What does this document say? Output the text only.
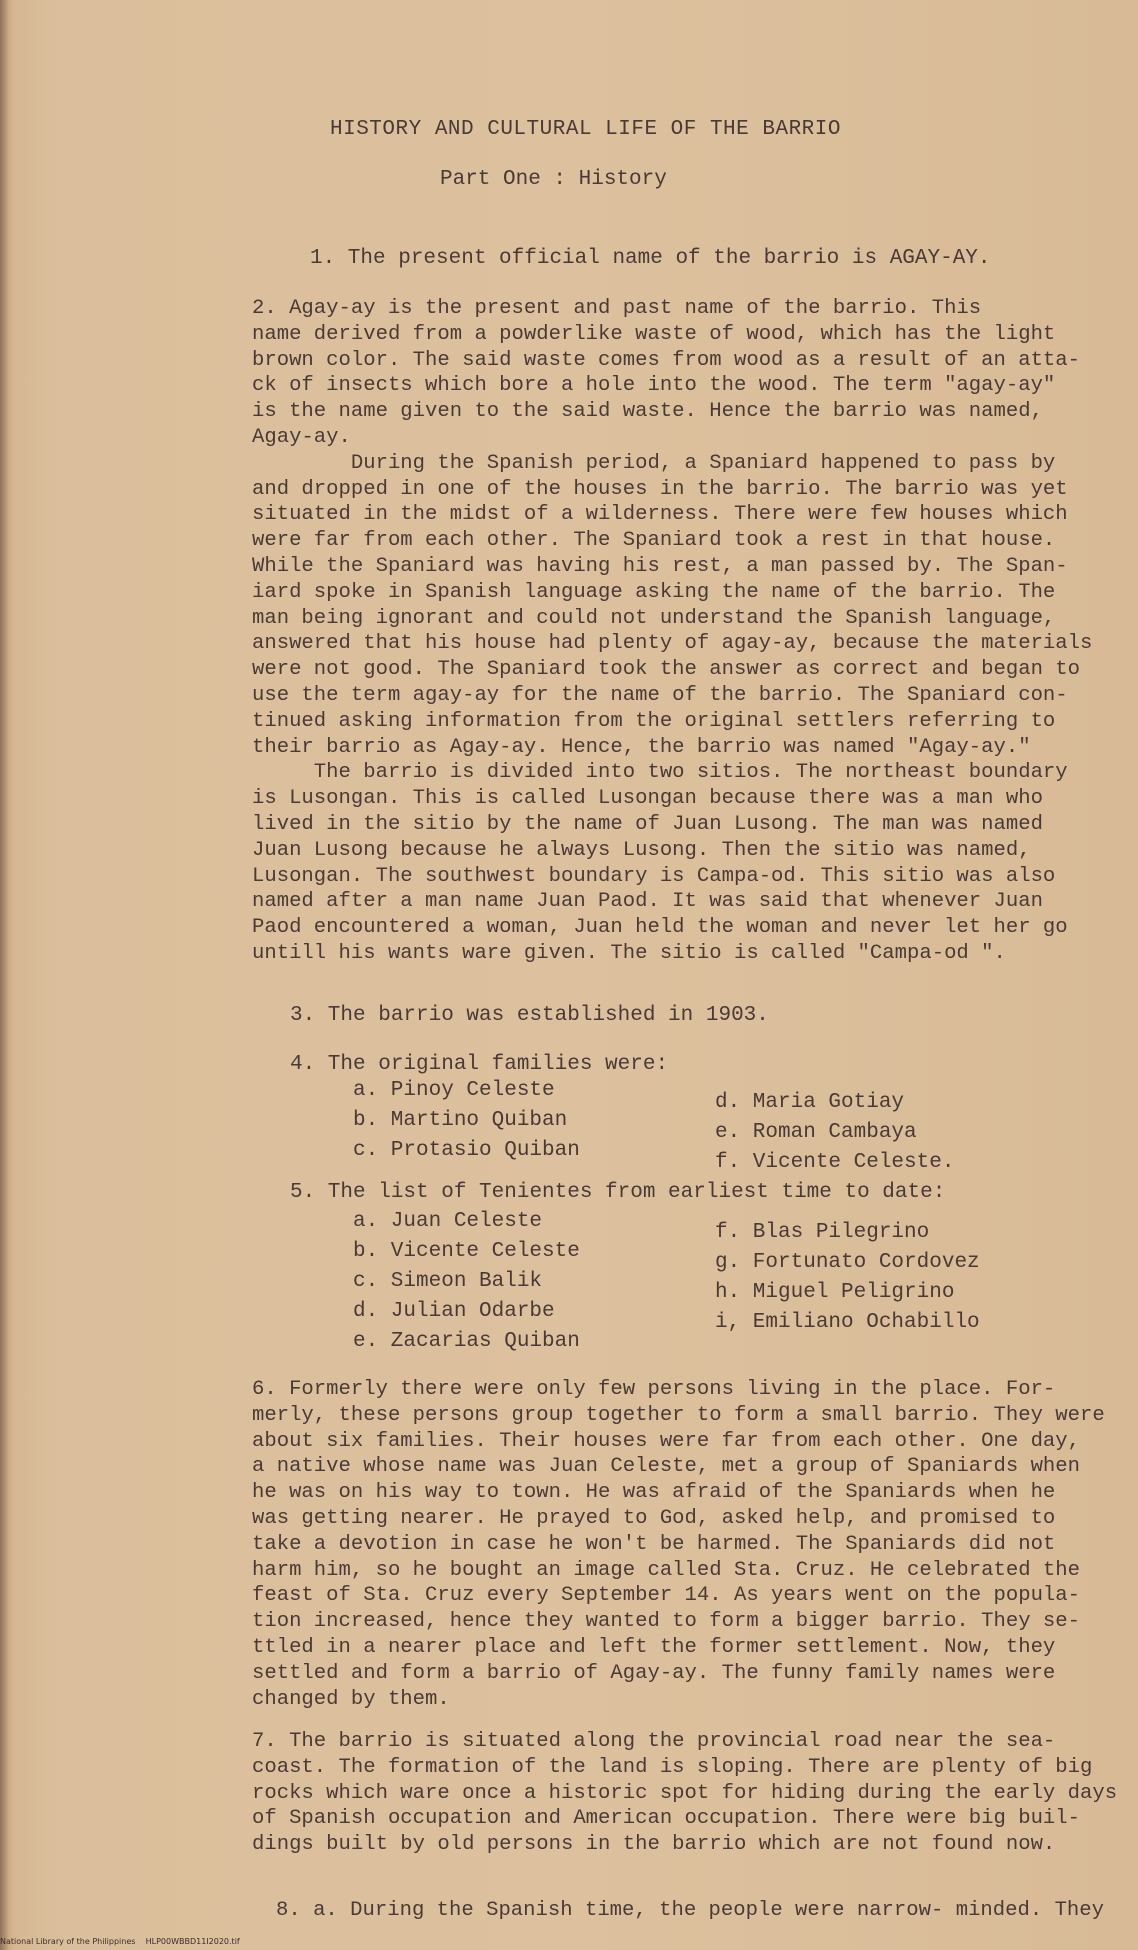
HISTORY AND CULTURAL LIFE OF THE BARRIO
Part One : History
1. The present official name of the barrio is AGAY-AY.
2. Agay-ay is the present and past name of the barrio. This
name derived from a powderlike waste of wood, which has the light
brown color. The said waste comes from wood as a result of an atta-
ck of insects which bore a hole into the wood. The term "agay-ay"
is the name given to the said waste. Hence the barrio was named,
Agay-ay.
During the Spanish period, a Spaniard happened to pass by
and dropped in one of the houses in the barrio. The barrio was yet
situated in the midst of a wilderness. There were few houses which
were far from each other. The Spaniard took a rest in that house.
While the Spaniard was having his rest, a man passed by. The Span-
iard spoke in Spanish language asking the name of the barrio. The
man being ignorant and could not understand the Spanish language,
answered that his house had plenty of agay-ay, because the materials
were not good. The Spaniard took the answer as correct and began to
use the term agay-ay for the name of the barrio. The Spaniard con-
tinued asking information from the original settlers referring to
their barrio as Agay-ay. Hence, the barrio was named "Agay-ay."
The barrio is divided into two sitios. The northeast boundary
is Lusongan. This is called Lusongan because there was a man who
lived in the sitio by the name of Juan Lusong. The man was named
Juan Lusong because he always Lusong. Then the sitio was named,
Lusongan. The southwest boundary is Campa-od. This sitio was also
named after a man name Juan Paod. It was said that whenever Juan
Paod encountered a woman, Juan held the woman and never let her go
untill his wants ware given. The sitio is called "Campa-od ".
3. The barrio was established in 1903.
4. The original families were:
a. Pinoy Celeste
b. Martino Quiban
c. Protasio Quiban
d. Maria Gotiay
e. Roman Cambaya
f. Vicente Celeste.
5. The list of Tenientes from earliest time to date:
a. Juan Celeste
b. Vicente Celeste
c. Simeon Balik
d. Julian Odarbe
e. Zacarias Quiban
f. Blas Pilegrino
g. Fortunato Cordovez
h. Miguel Peligrino
i, Emiliano Ochabillo
6. Formerly there were only few persons living in the place. For-
merly, these persons group together to form a small barrio. They were
about six families. Their houses were far from each other. One day,
a native whose name was Juan Celeste, met a group of Spaniards when
he was on his way to town. He was afraid of the Spaniards when he
was getting nearer. He prayed to God, asked help, and promised to
take a devotion in case he won't be harmed. The Spaniards did not
harm him, so he bought an image called Sta. Cruz. He celebrated the
feast of Sta. Cruz every September 14. As years went on the popula-
tion increased, hence they wanted to form a bigger barrio. They se-
ttled in a nearer place and left the former settlement. Now, they
settled and form a barrio of Agay-ay. The funny family names were
changed by them.
7. The barrio is situated along the provincial road near the sea-
coast. The formation of the land is sloping. There are plenty of big
rocks which ware once a historic spot for hiding during the early days
of Spanish occupation and American occupation. There were big buil-
dings built by old persons in the barrio which are not found now.
8. a. During the Spanish time, the people were narrow- minded. They
National Library of the Philippines    HLP00WBBD11I2020.tif
